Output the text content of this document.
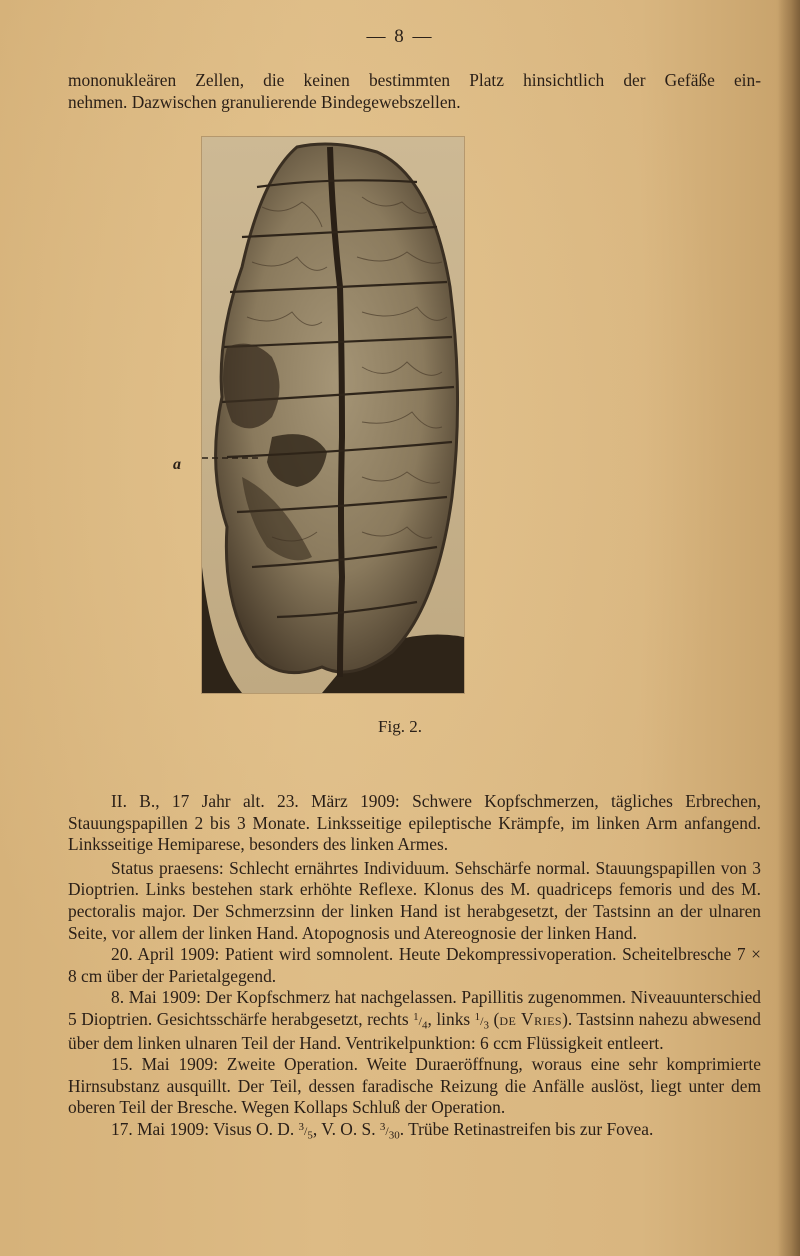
— 8 —

mononukleären Zellen, die keinen bestimmten Platz hinsichtlich der Gefäße ein-

nehmen. Dazwischen granulierende Bindegewebszellen.

a
Fig. 2.

II. B., 17 Jahr alt. 23. März 1909: Schwere Kopfschmerzen, tägliches Erbrechen, Stauungspapillen 2 bis 3 Monate. Linksseitige epileptische Krämpfe, im linken Arm anfangend. Linksseitige Hemiparese, besonders des linken Armes.

Status praesens: Schlecht ernährtes Individuum. Sehschärfe normal. Stauungspapillen von 3 Dioptrien. Links bestehen stark erhöhte Reflexe. Klonus des M. quadriceps femoris und des M. pectoralis major. Der Schmerzsinn der linken Hand ist herabgesetzt, der Tastsinn an der ulnaren Seite, vor allem der linken Hand. Atopognosis und Atereognosie der linken Hand.

20. April 1909: Patient wird somnolent. Heute Dekompressivoperation. Scheitelbresche 7 × 8 cm über der Parietalgegend.

8. Mai 1909: Der Kopfschmerz hat nachgelassen. Papillitis zugenommen. Niveauunterschied 5 Dioptrien. Gesichtsschärfe herabgesetzt, rechts $^1/_4$, links $^1/_3$ (de Vries). Tastsinn nahezu abwesend über dem linken ulnaren Teil der Hand. Ventrikelpunktion: 6 ccm Flüssigkeit entleert.

15. Mai 1909: Zweite Operation. Weite Duraeröffnung, woraus eine sehr komprimierte Hirnsubstanz ausquillt. Der Teil, dessen faradische Reizung die Anfälle auslöst, liegt unter dem oberen Teil der Bresche. Wegen Kollaps Schluß der Operation.

17. Mai 1909: Visus O. D. $^3/_5$, V. O. S. $^3/_{30}$. Trübe Retinastreifen bis zur Fovea.
